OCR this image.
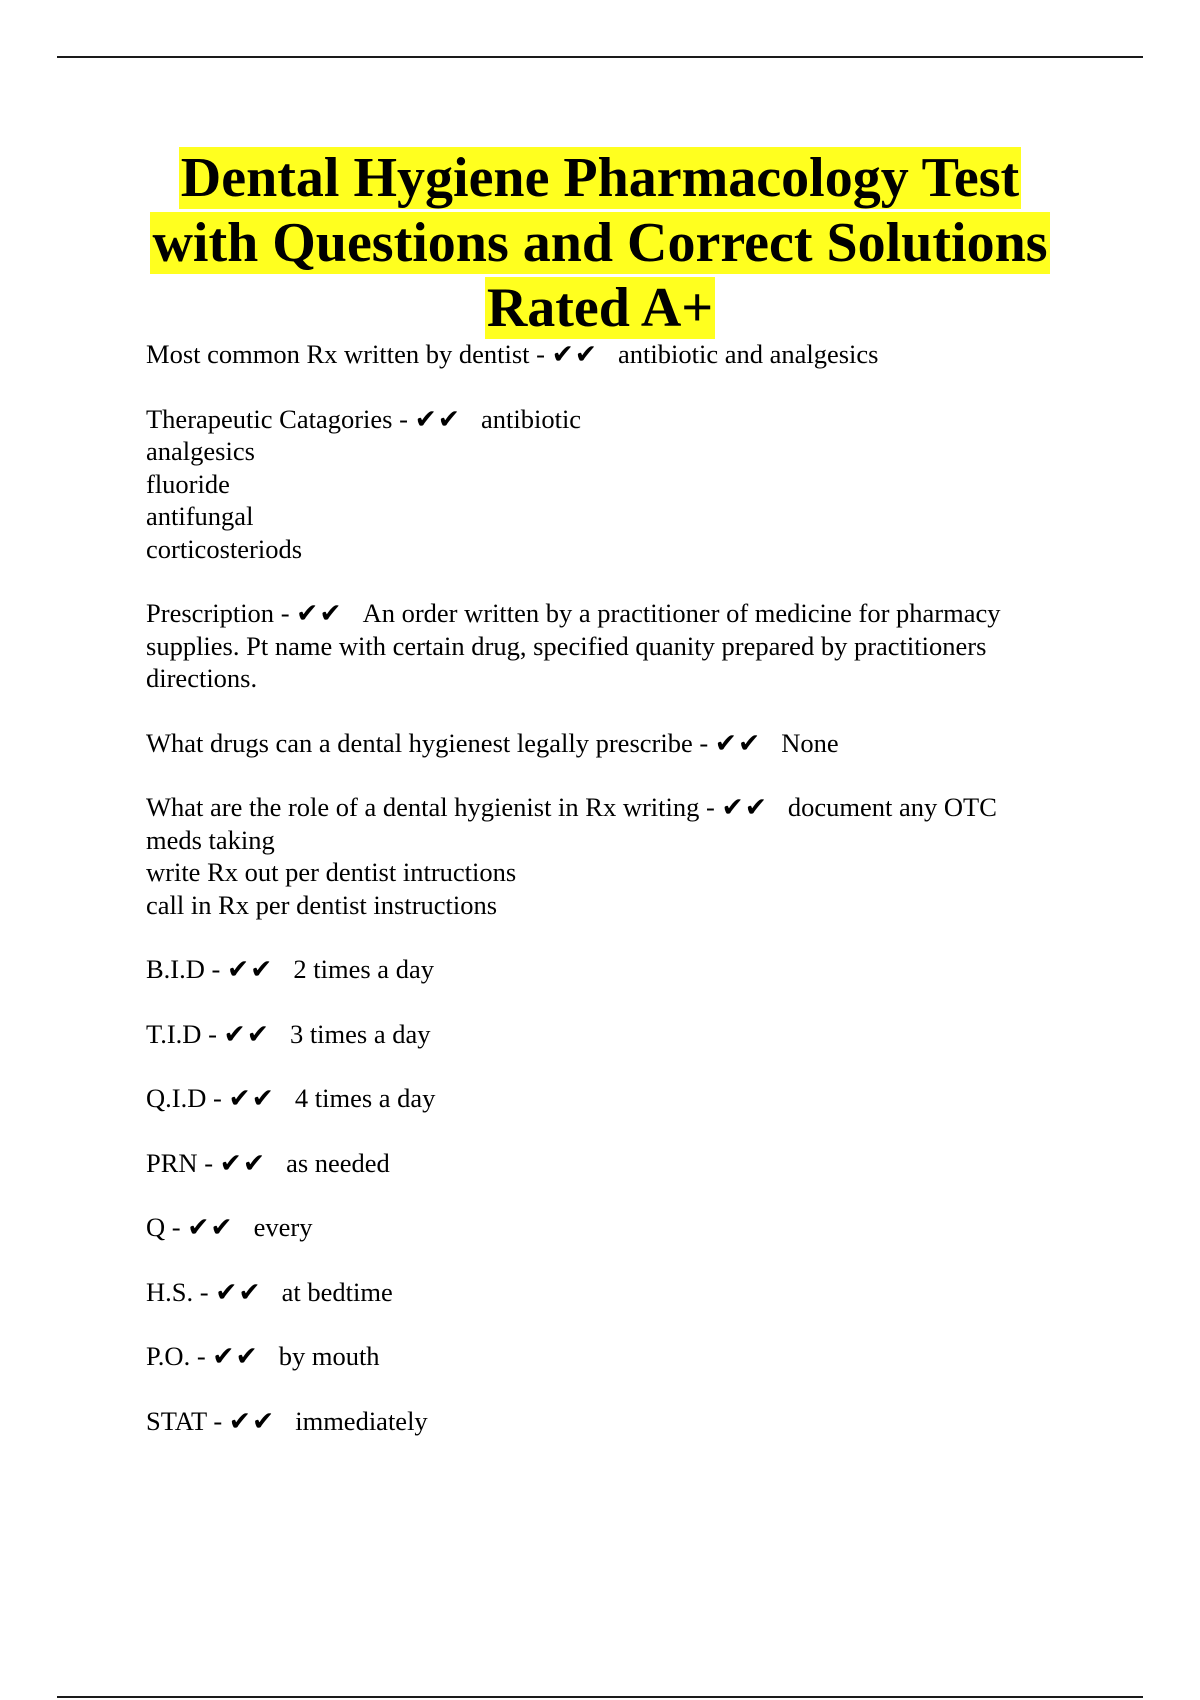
Dental Hygiene Pharmacology Test
with Questions and Correct Solutions
Rated A+
Most common Rx written by dentist - ✔✔ antibiotic and analgesics
Therapeutic Catagories - ✔✔ antibiotic
analgesics
fluoride
antifungal
corticosteriods
Prescription - ✔✔ An order written by a practitioner of medicine for pharmacy
supplies. Pt name with certain drug, specified quanity prepared by practitioners
directions.
What drugs can a dental hygienest legally prescribe - ✔✔ None
What are the role of a dental hygienist in Rx writing - ✔✔ document any OTC
meds taking
write Rx out per dentist intructions
call in Rx per dentist instructions
B.I.D - ✔✔ 2 times a day
T.I.D - ✔✔ 3 times a day
Q.I.D - ✔✔ 4 times a day
PRN - ✔✔ as needed
Q - ✔✔ every
H.S. - ✔✔ at bedtime
P.O. - ✔✔ by mouth
STAT - ✔✔ immediately
